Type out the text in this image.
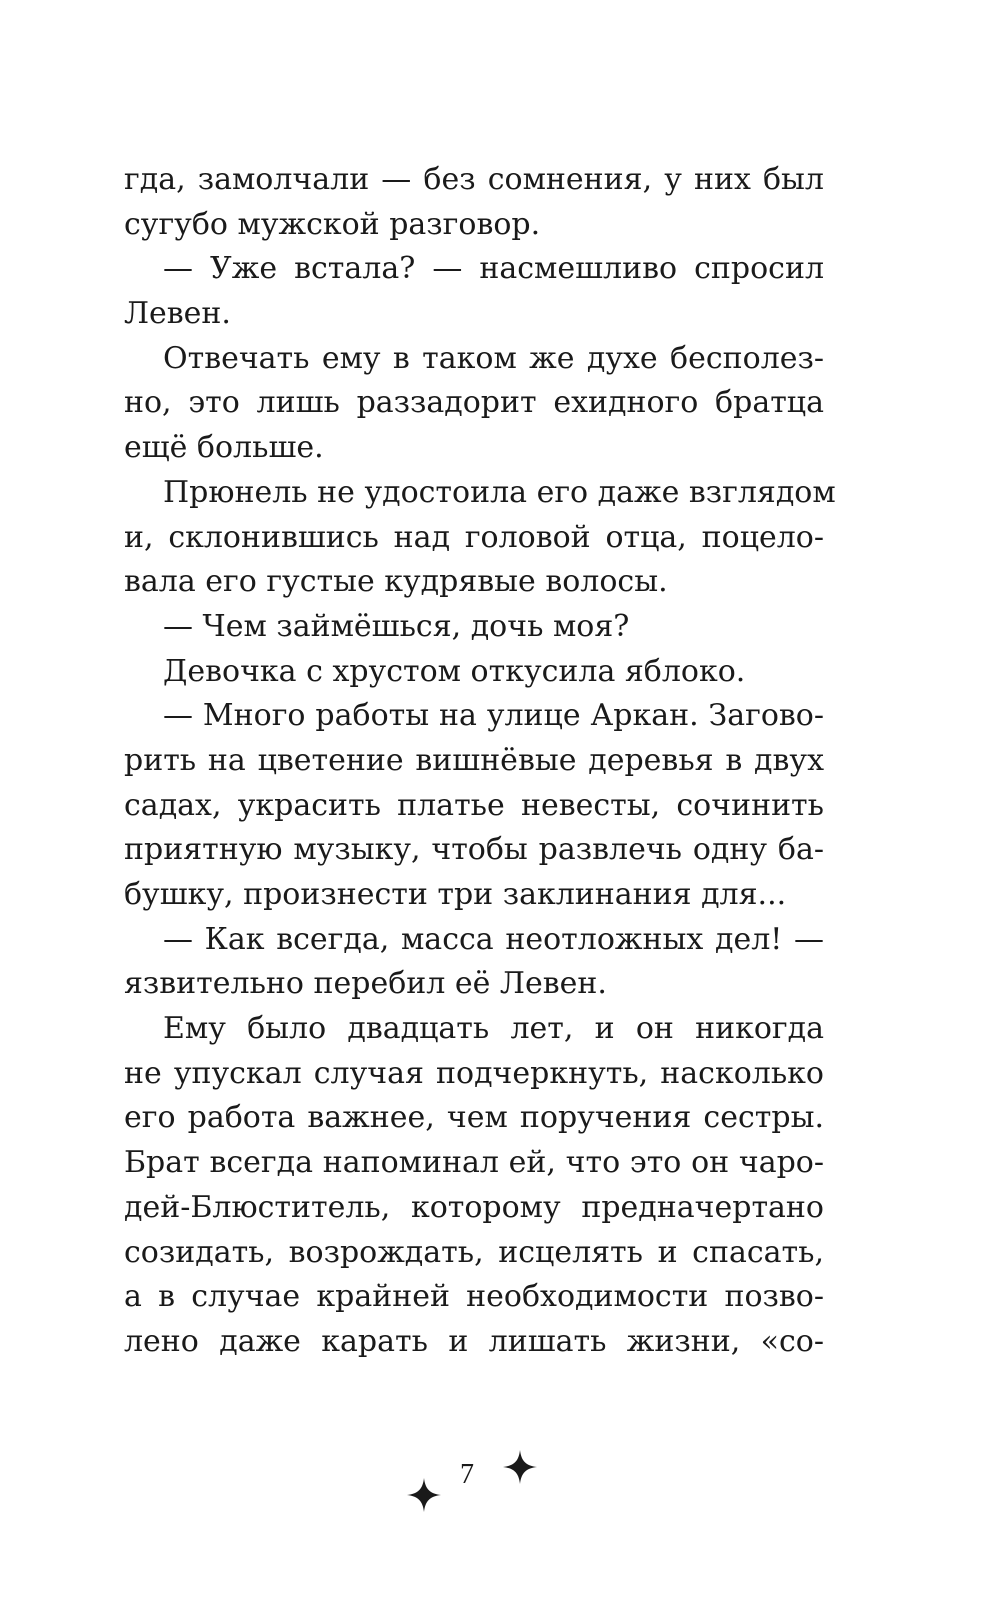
гда, замолчали — без сомнения, у них был
сугубо мужской разговор.
— Уже встала? — насмешливо спросил
Левен.
Отвечать ему в таком же духе бесполез-
но, это лишь раззадорит ехидного братца
ещё больше.
Прюнель не удостоила его даже взглядом
и, склонившись над головой отца, поцело-
вала его густые кудрявые волосы.
— Чем займёшься, дочь моя?
Девочка с хрустом откусила яблоко.
— Много работы на улице Аркан. Загово-
рить на цветение вишнёвые деревья в двух
садах, украсить платье невесты, сочинить
приятную музыку, чтобы развлечь одну ба-
бушку, произнести три заклинания для...
— Как всегда, масса неотложных дел! —
язвительно перебил её Левен.
Ему было двадцать лет, и он никогда
не упускал случая подчеркнуть, насколько
его работа важнее, чем поручения сестры.
Брат всегда напоминал ей, что это он чаро-
дей-Блюститель, которому предначертано
созидать, возрождать, исцелять и спасать,
а в случае крайней необходимости позво-
лено даже карать и лишать жизни, «со-
7
